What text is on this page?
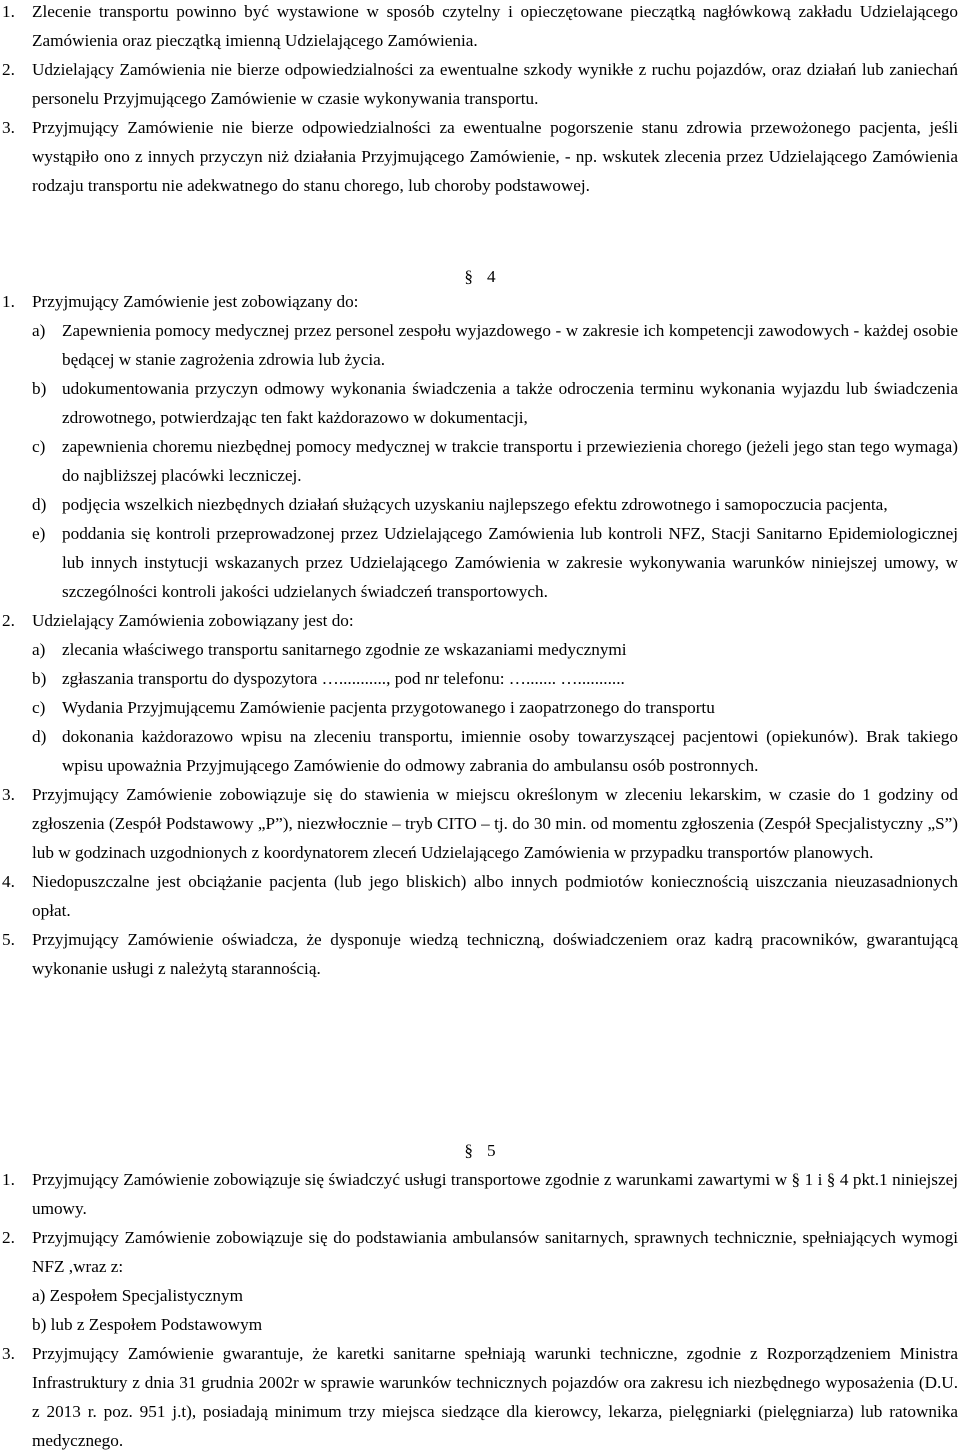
1. Zlecenie transportu powinno być wystawione w sposób czytelny i opieczętowane pieczątką nagłówkową zakładu Udzielającego Zamówienia oraz pieczątką imienną Udzielającego Zamówienia.
2. Udzielający Zamówienia nie bierze odpowiedzialności za ewentualne szkody wynikłe z ruchu pojazdów, oraz działań lub zaniechań personelu Przyjmującego Zamówienie w czasie wykonywania transportu.
3. Przyjmujący Zamówienie nie bierze odpowiedzialności za ewentualne pogorszenie stanu zdrowia przewożonego pacjenta, jeśli wystąpiło ono z innych przyczyn niż działania Przyjmującego Zamówienie, - np. wskutek zlecenia przez Udzielającego Zamówienia rodzaju transportu nie adekwatnego do stanu chorego, lub choroby podstawowej.
§ 4
1. Przyjmujący Zamówienie jest zobowiązany do:
a) Zapewnienia pomocy medycznej przez personel zespołu wyjazdowego - w zakresie ich kompetencji zawodowych - każdej osobie będącej w stanie zagrożenia zdrowia lub życia.
b) udokumentowania przyczyn odmowy wykonania świadczenia a także odroczenia terminu wykonania wyjazdu lub świadczenia zdrowotnego, potwierdzając ten fakt każdorazowo w dokumentacji,
c) zapewnienia choremu niezbędnej pomocy medycznej w trakcie transportu i przewiezienia chorego (jeżeli jego stan tego wymaga) do najbliższej placówki leczniczej.
d) podjęcia wszelkich niezbędnych działań służących uzyskaniu najlepszego efektu zdrowotnego i samopoczucia pacjenta,
e) poddania się kontroli przeprowadzonej przez Udzielającego Zamówienia lub kontroli NFZ, Stacji Sanitarno Epidemiologicznej lub innych instytucji wskazanych przez Udzielającego Zamówienia w zakresie wykonywania warunków niniejszej umowy, w szczególności kontroli jakości udzielanych świadczeń transportowych.
2. Udzielający Zamówienia zobowiązany jest do:
a) zlecania właściwego transportu sanitarnego zgodnie ze wskazaniami medycznymi
b) zgłaszania transportu do dyspozytora …..........., pod nr telefonu: …....... …...........
c) Wydania Przyjmującemu Zamówienie pacjenta przygotowanego i zaopatrzonego do transportu
d) dokonania każdorazowo wpisu na zleceniu transportu, imiennie osoby towarzyszącej pacjentowi (opiekunów). Brak takiego wpisu upoważnia Przyjmującego Zamówienie do odmowy zabrania do ambulansu osób postronnych.
3. Przyjmujący Zamówienie zobowiązuje się do stawienia w miejscu określonym w zleceniu lekarskim, w czasie do 1 godziny od zgłoszenia (Zespół Podstawowy „P”), niezwłocznie – tryb CITO – tj. do 30 min. od momentu zgłoszenia (Zespół Specjalistyczny „S”) lub w godzinach uzgodnionych z koordynatorem zleceń Udzielającego Zamówienia w przypadku transportów planowych.
4. Niedopuszczalne jest obciążanie pacjenta (lub jego bliskich) albo innych podmiotów koniecznością uiszczania nieuzasadnionych opłat.
5. Przyjmujący Zamówienie oświadcza, że dysponuje wiedzą techniczną, doświadczeniem oraz kadrą pracowników, gwarantującą wykonanie usługi z należytą starannością.
§ 5
1. Przyjmujący Zamówienie zobowiązuje się świadczyć usługi transportowe zgodnie z warunkami zawartymi w § 1 i § 4 pkt.1 niniejszej umowy.
2. Przyjmujący Zamówienie zobowiązuje się do podstawiania ambulansów sanitarnych, sprawnych technicznie, spełniających wymogi NFZ ,wraz z:
a) Zespołem Specjalistycznym
b) lub z Zespołem Podstawowym
3. Przyjmujący Zamówienie gwarantuje, że karetki sanitarne spełniają warunki techniczne, zgodnie z Rozporządzeniem Ministra Infrastruktury z dnia 31 grudnia 2002r w sprawie warunków technicznych pojazdów ora zakresu ich niezbędnego wyposażenia (D.U. z 2013 r. poz. 951 j.t), posiadają minimum trzy miejsca siedzące dla kierowcy, lekarza, pielęgniarki (pielęgniarza) lub ratownika medycznego.
